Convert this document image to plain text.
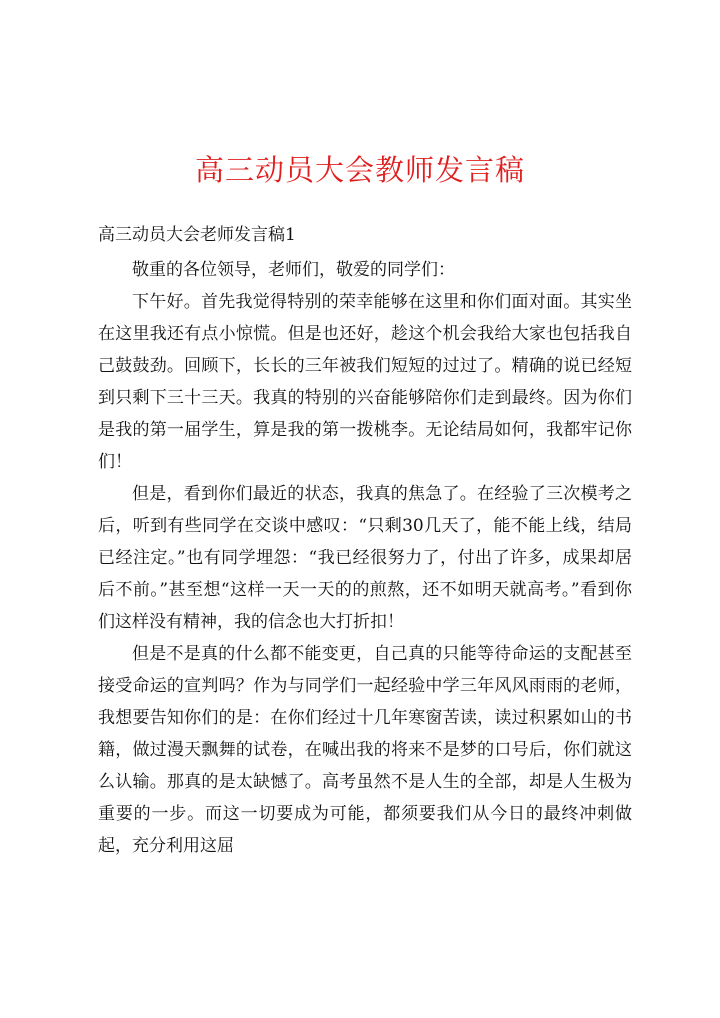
高三动员大会教师发言稿
高三动员大会老师发言稿1

敬重的各位领导，老师们，敬爱的同学们：

下午好。首先我觉得特别的荣幸能够在这里和你们面对面。其实坐在这里我还有点小惊慌。但是也还好，趁这个机会我给大家也包括我自己鼓鼓劲。回顾下，长长的三年被我们短短的过过了。精确的说已经短到只剩下三十三天。我真的特别的兴奋能够陪你们走到最终。因为你们是我的第一届学生，算是我的第一拨桃李。无论结局如何，我都牢记你们！

但是，看到你们最近的状态，我真的焦急了。在经验了三次模考之后，听到有些同学在交谈中感叹：“只剩30几天了，能不能上线，结局已经注定。”也有同学埋怨：“我已经很努力了，付出了许多，成果却居后不前。”甚至想“这样一天一天的的煎熬，还不如明天就高考。”看到你们这样没有精神，我的信念也大打折扣！

但是不是真的什么都不能变更，自己真的只能等待命运的支配甚至接受命运的宣判吗？作为与同学们一起经验中学三年风风雨雨的老师，我想要告知你们的是：在你们经过十几年寒窗苦读，读过积累如山的书籍，做过漫天飘舞的试卷，在喊出我的将来不是梦的口号后，你们就这么认输。那真的是太缺憾了。高考虽然不是人生的全部，却是人生极为重要的一步。而这一切要成为可能，都须要我们从今日的最终冲刺做起，充分利用这屈
